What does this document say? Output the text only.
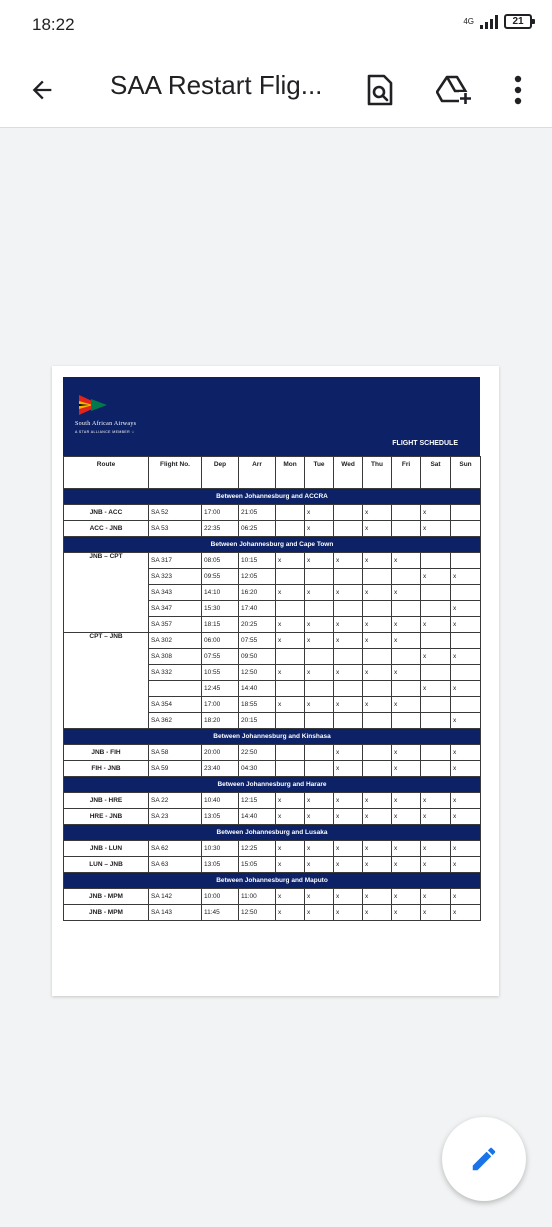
18:22	4G	21
SAA Restart Flig...
South African Airways
A STAR ALLIANCE MEMBER ☆
FLIGHT SCHEDULE
Route	Flight No.	Dep	Arr	Mon	Tue	Wed	Thu	Fri	Sat	Sun
Between Johannesburg and ACCRA										
JNB - ACC	SA 52	17:00	21:05		x		x		x	
ACC - JNB	SA 53	22:35	06:25		x		x		x	
Between Johannesburg and Cape Town										
JNB – CPT	SA 317	08:05	10:15	x	x	x	x	x		
	SA 323	09:55	12:05						x	x
	SA 343	14:10	16:20	x	x	x	x	x		
	SA 347	15:30	17:40							x
	SA 357	18:15	20:25	x	x	x	x	x	x	x
CPT – JNB	SA 302	06:00	07:55	x	x	x	x	x		
	SA 308	07:55	09:50						x	x
	SA 332	10:55	12:50	x	x	x	x	x		
		12:45	14:40						x	x
	SA 354	17:00	18:55	x	x	x	x	x		
	SA 362	18:20	20:15							x
Between Johannesburg and Kinshasa										
JNB - FIH	SA 58	20:00	22:50			x		x		x
FIH - JNB	SA 59	23:40	04:30			x		x		x
Between Johannesburg and Harare										
JNB - HRE	SA 22	10:40	12:15	x	x	x	x	x	x	x
HRE - JNB	SA 23	13:05	14:40	x	x	x	x	x	x	x
Between Johannesburg and Lusaka										
JNB - LUN	SA 62	10:30	12:25	x	x	x	x	x	x	x
LUN – JNB	SA 63	13:05	15:05	x	x	x	x	x	x	x
Between Johannesburg and Maputo										
JNB - MPM	SA 142	10:00	11:00	x	x	x	x	x	x	x
JNB - MPM	SA 143	11:45	12:50	x	x	x	x	x	x	x
